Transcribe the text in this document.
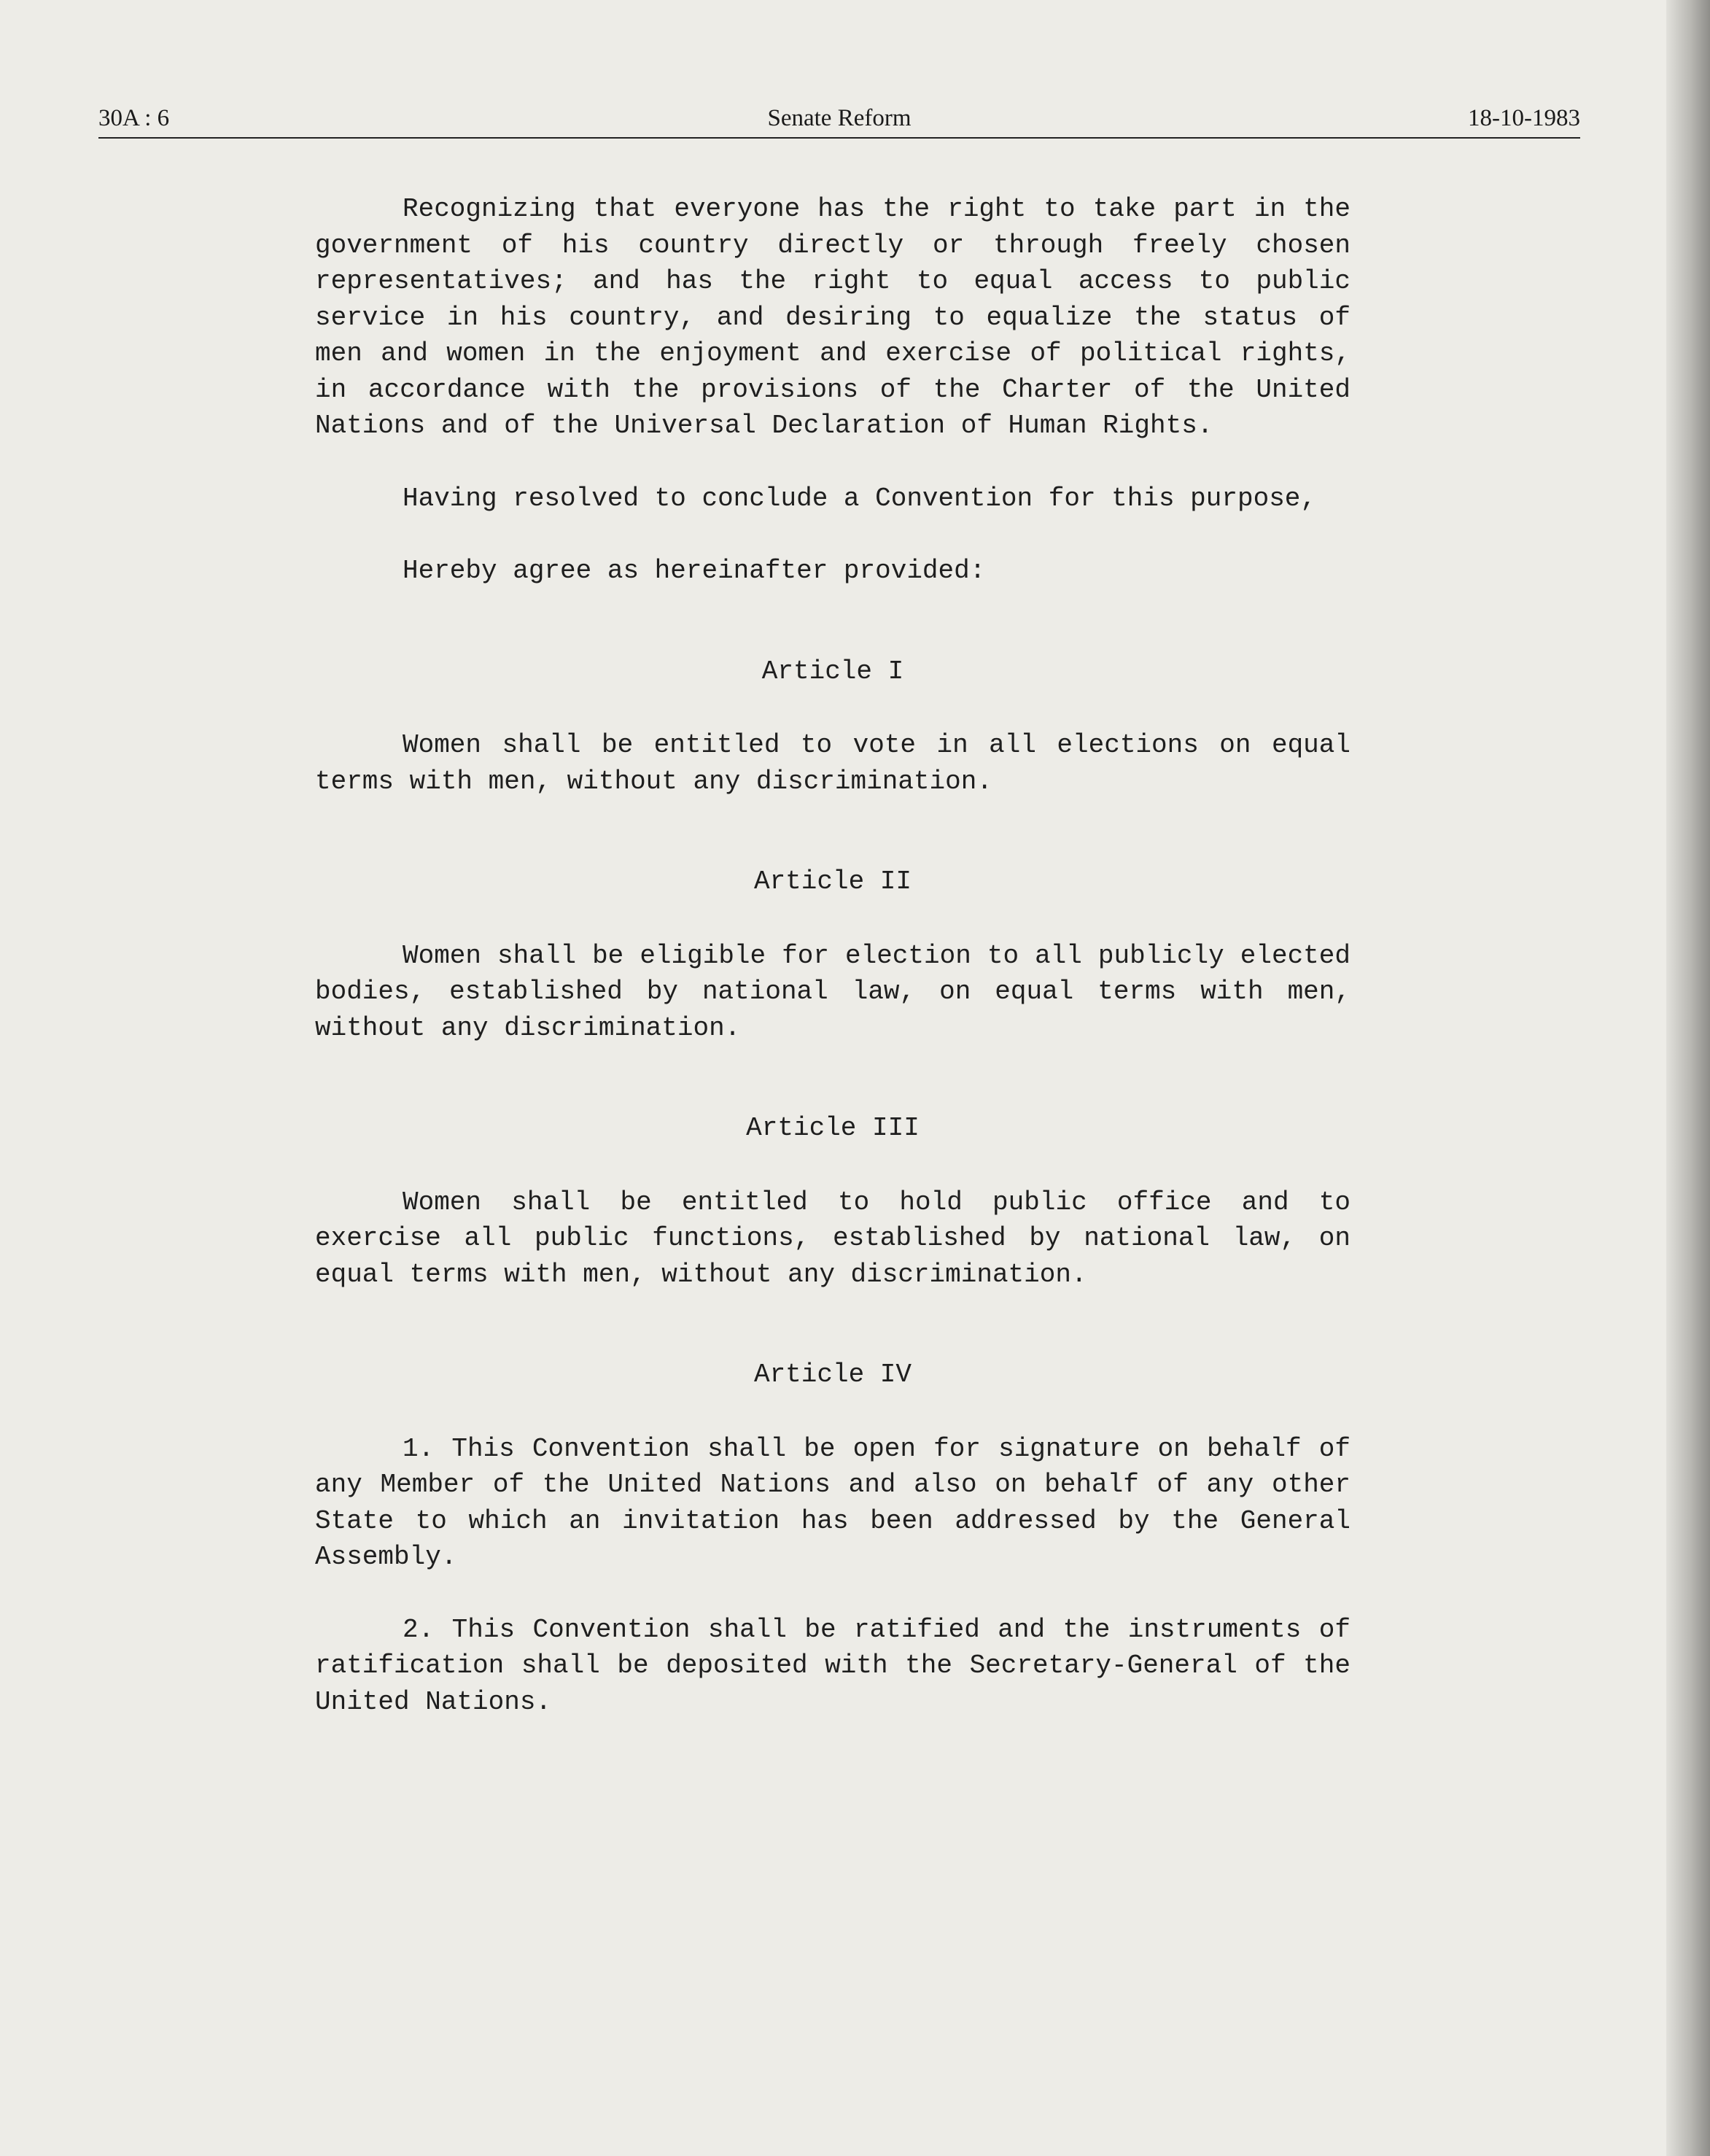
30A : 6	Senate Reform	18-10-1983

Recognizing that everyone has the right to take part in the government of his country directly or through freely chosen representatives; and has the right to equal access to public service in his country, and desiring to equalize the status of men and women in the enjoyment and exercise of political rights, in accordance with the provisions of the Charter of the United Nations and of the Universal Declaration of Human Rights.

Having resolved to conclude a Convention for this purpose,

Hereby agree as hereinafter provided:

Article I

Women shall be entitled to vote in all elections on equal terms with men, without any discrimination.

Article II

Women shall be eligible for election to all publicly elected bodies, established by national law, on equal terms with men, without any discrimination.

Article III

Women shall be entitled to hold public office and to exercise all public functions, established by national law, on equal terms with men, without any discrimination.

Article IV

1. This Convention shall be open for signature on behalf of any Member of the United Nations and also on behalf of any other State to which an invitation has been addressed by the General Assembly.

2. This Convention shall be ratified and the instruments of ratification shall be deposited with the Secretary-General of the United Nations.
